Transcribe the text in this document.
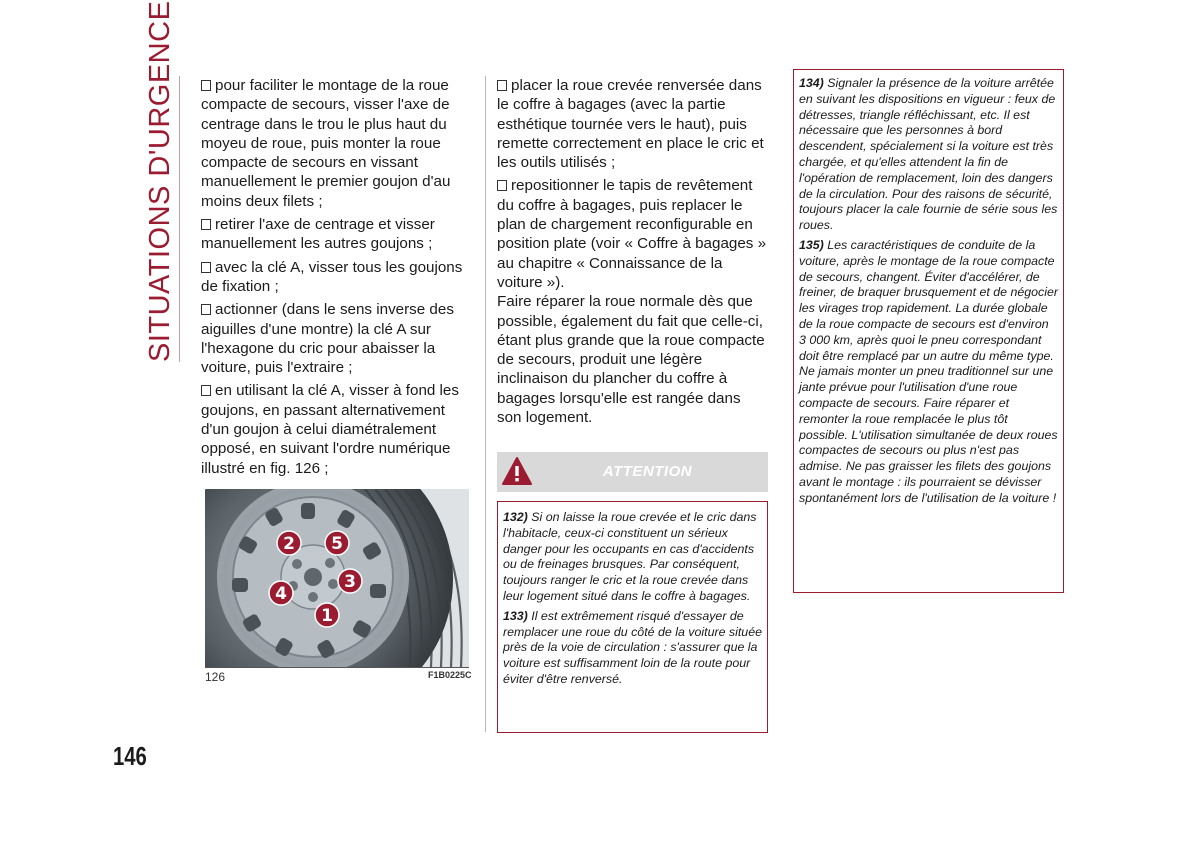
SITUATIONS D'URGENCE	pour faciliter le montage de la roue compacte de secours, visser l'axe de centrage dans le trou le plus haut du moyeu de roue, puis monter la roue compacte de secours en vissant manuellement le premier goujon d'au moins deux filets ;

retirer l'axe de centrage et visser manuellement les autres goujons ;

avec la clé A, visser tous les goujons de fixation ;

actionner (dans le sens inverse des aiguilles d'une montre) la clé A sur l'hexagone du cric pour abaisser la voiture, puis l'extraire ;

en utilisant la clé A, visser à fond les goujons, en passant alternativement d'un goujon à celui diamétralement opposé, en suivant l'ordre numérique illustré en fig. 126 ;

1
2
3
4
5
126	F1B0225C

placer la roue crevée renversée dans le coffre à bagages (avec la partie esthétique tournée vers le haut), puis remette correctement en place le cric et les outils utilisés ;

repositionner le tapis de revêtement du coffre à bagages, puis replacer le plan de chargement reconfigurable en position plate (voir « Coffre à bagages » au chapitre « Connaissance de la voiture »).

Faire réparer la roue normale dès que possible, également du fait que celle-ci, étant plus grande que la roue compacte de secours, produit une légère inclinaison du plancher du coffre à bagages lorsqu'elle est rangée dans son logement.

ATTENTION

132) Si on laisse la roue crevée et le cric dans l'habitacle, ceux-ci constituent un sérieux danger pour les occupants en cas d'accidents ou de freinages brusques. Par conséquent, toujours ranger le cric et la roue crevée dans leur logement situé dans le coffre à bagages.

133) Il est extrêmement risqué d'essayer de remplacer une roue du côté de la voiture située près de la voie de circulation : s'assurer que la voiture est suffisamment loin de la route pour éviter d'être renversé.

134) Signaler la présence de la voiture arrêtée en suivant les dispositions en vigueur : feux de détresses, triangle réfléchissant, etc. Il est nécessaire que les personnes à bord descendent, spécialement si la voiture est très chargée, et qu'elles attendent la fin de l'opération de remplacement, loin des dangers de la circulation. Pour des raisons de sécurité, toujours placer la cale fournie de série sous les roues.

135) Les caractéristiques de conduite de la voiture, après le montage de la roue compacte de secours, changent. Éviter d'accélérer, de freiner, de braquer brusquement et de négocier les virages trop rapidement. La durée globale de la roue compacte de secours est d'environ 3 000 km, après quoi le pneu correspondant doit être remplacé par un autre du même type. Ne jamais monter un pneu traditionnel sur une jante prévue pour l'utilisation d'une roue compacte de secours. Faire réparer et remonter la roue remplacée le plus tôt possible. L'utilisation simultanée de deux roues compactes de secours ou plus n'est pas admise. Ne pas graisser les filets des goujons avant le montage : ils pourraient se dévisser spontanément lors de l'utilisation de la voiture !

146
